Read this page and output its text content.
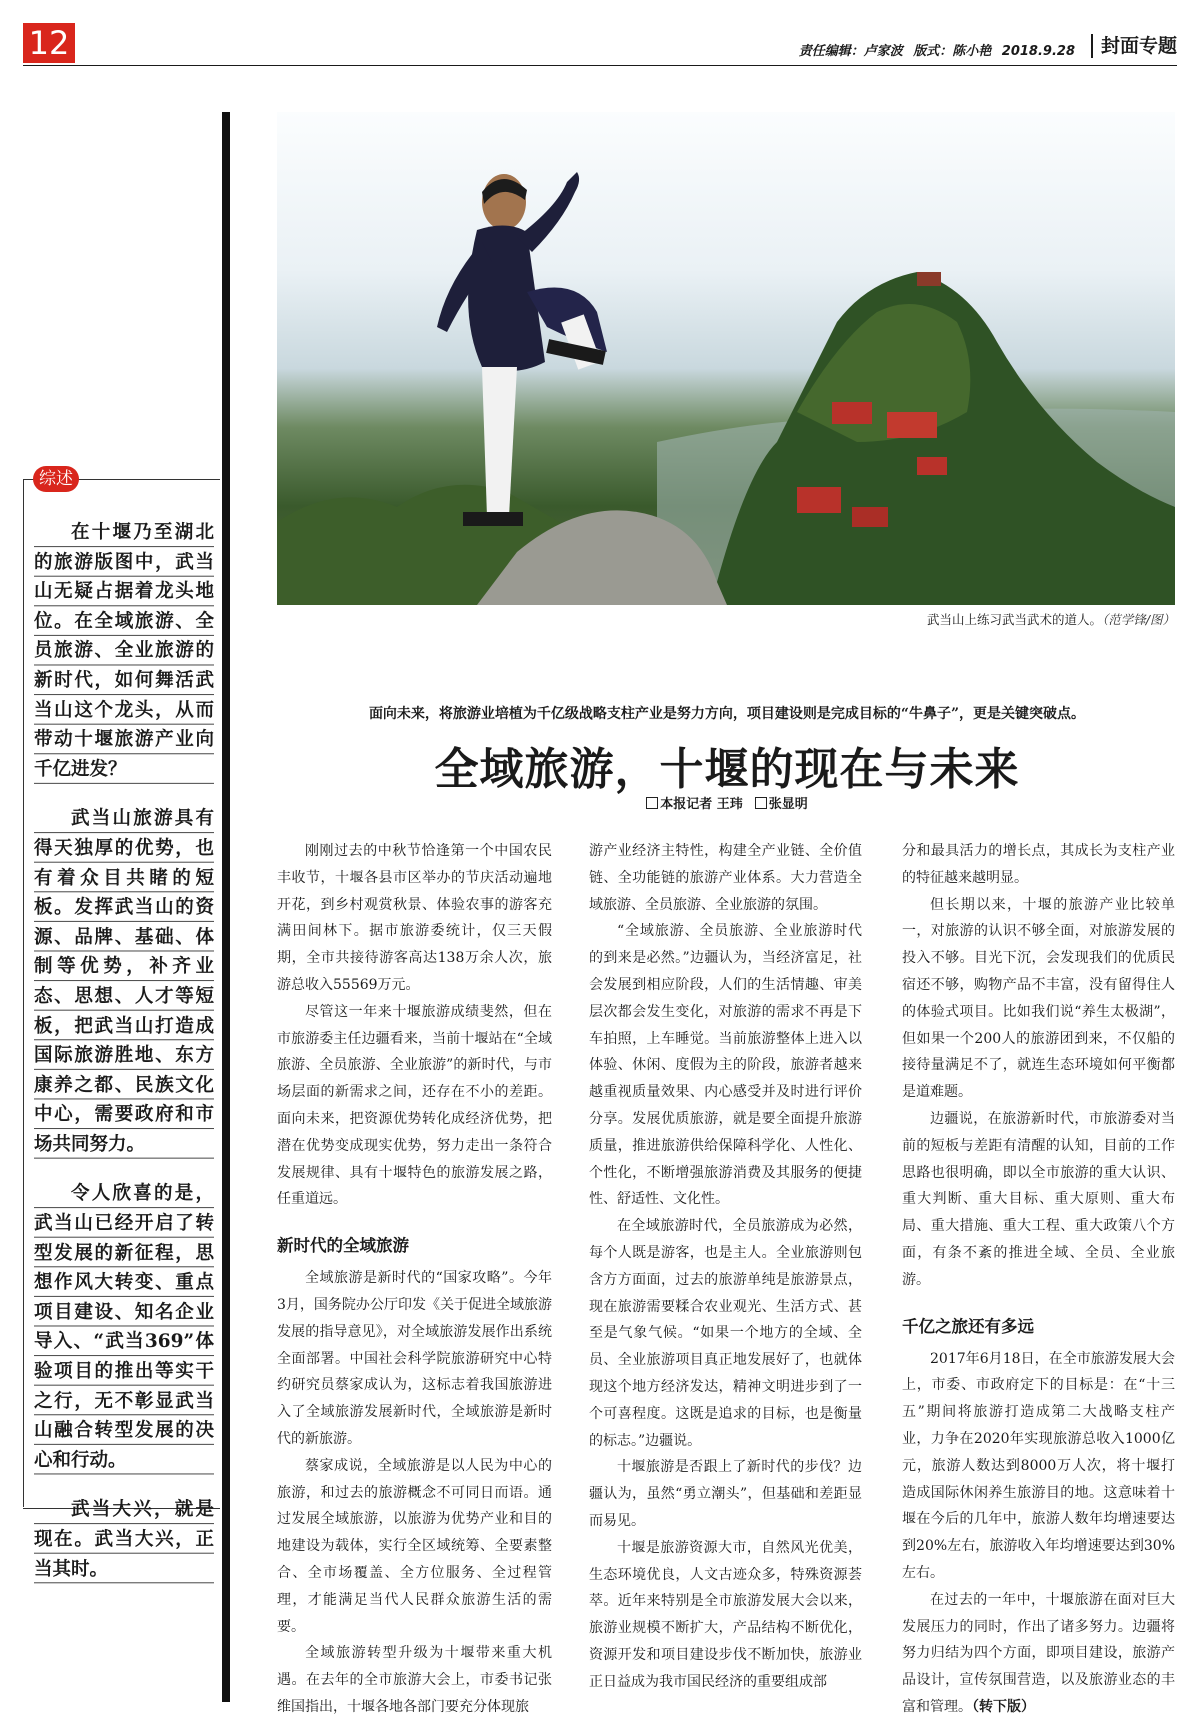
12	责任编辑：卢家波 版式：陈小艳 2018.9.28	封面专题
综述

在十堰乃至湖北的旅游版图中，武当山无疑占据着龙头地位。在全域旅游、全员旅游、全业旅游的新时代，如何舞活武当山这个龙头，从而带动十堰旅游产业向千亿进发？

武当山旅游具有得天独厚的优势，也有着众目共睹的短板。发挥武当山的资源、品牌、基础、体制等优势，补齐业态、思想、人才等短板，把武当山打造成国际旅游胜地、东方康养之都、民族文化中心，需要政府和市场共同努力。

令人欣喜的是，武当山已经开启了转型发展的新征程，思想作风大转变、重点项目建设、知名企业导入、“武当369”体验项目的推出等实干之行，无不彰显武当山融合转型发展的决心和行动。

武当大兴，就是现在。武当大兴，正当其时。

武当山上练习武当武术的道人。（范学锋/图）
面向未来，将旅游业培植为千亿级战略支柱产业是努力方向，项目建设则是完成目标的“牛鼻子”，更是关键突破点。
全域旅游，十堰的现在与未来
本报记者 王玮 张显明

刚刚过去的中秋节恰逢第一个中国农民丰收节，十堰各县市区举办的节庆活动遍地开花，到乡村观赏秋景、体验农事的游客充满田间林下。据市旅游委统计，仅三天假期，全市共接待游客高达138万余人次，旅游总收入55569万元。

尽管这一年来十堰旅游成绩斐然，但在市旅游委主任边疆看来，当前十堰站在“全域旅游、全员旅游、全业旅游”的新时代，与市场层面的新需求之间，还存在不小的差距。面向未来，把资源优势转化成经济优势，把潜在优势变成现实优势，努力走出一条符合发展规律、具有十堰特色的旅游发展之路，任重道远。

新时代的全域旅游

全域旅游是新时代的“国家攻略”。今年3月，国务院办公厅印发《关于促进全域旅游发展的指导意见》，对全域旅游发展作出系统全面部署。中国社会科学院旅游研究中心特约研究员蔡家成认为，这标志着我国旅游进入了全域旅游发展新时代，全域旅游是新时代的新旅游。

蔡家成说，全域旅游是以人民为中心的旅游，和过去的旅游概念不可同日而语。通过发展全域旅游，以旅游为优势产业和目的地建设为载体，实行全区域统筹、全要素整合、全市场覆盖、全方位服务、全过程管理，才能满足当代人民群众旅游生活的需要。

全域旅游转型升级为十堰带来重大机遇。在去年的全市旅游大会上，市委书记张维国指出，十堰各地各部门要充分体现旅

游产业经济主特性，构建全产业链、全价值链、全功能链的旅游产业体系。大力营造全域旅游、全员旅游、全业旅游的氛围。

“全域旅游、全员旅游、全业旅游时代的到来是必然。”边疆认为，当经济富足，社会发展到相应阶段，人们的生活情趣、审美层次都会发生变化，对旅游的需求不再是下车拍照，上车睡觉。当前旅游整体上进入以体验、休闲、度假为主的阶段，旅游者越来越重视质量效果、内心感受并及时进行评价分享。发展优质旅游，就是要全面提升旅游质量，推进旅游供给保障科学化、人性化、个性化，不断增强旅游消费及其服务的便捷性、舒适性、文化性。

在全域旅游时代，全员旅游成为必然，每个人既是游客，也是主人。全业旅游则包含方方面面，过去的旅游单纯是旅游景点，现在旅游需要糅合农业观光、生活方式、甚至是气象气候。“如果一个地方的全域、全员、全业旅游项目真正地发展好了，也就体现这个地方经济发达，精神文明进步到了一个可喜程度。这既是追求的目标，也是衡量的标志。”边疆说。

十堰旅游是否跟上了新时代的步伐？边疆认为，虽然“勇立潮头”，但基础和差距显而易见。

十堰是旅游资源大市，自然风光优美，生态环境优良，人文古迹众多，特殊资源荟萃。近年来特别是全市旅游发展大会以来，旅游业规模不断扩大，产品结构不断优化，资源开发和项目建设步伐不断加快，旅游业正日益成为我市国民经济的重要组成部

分和最具活力的增长点，其成长为支柱产业的特征越来越明显。

但长期以来，十堰的旅游产业比较单一，对旅游的认识不够全面，对旅游发展的投入不够。目光下沉，会发现我们的优质民宿还不够，购物产品不丰富，没有留得住人的体验式项目。比如我们说“养生太极湖”，但如果一个200人的旅游团到来，不仅船的接待量满足不了，就连生态环境如何平衡都是道难题。

边疆说，在旅游新时代，市旅游委对当前的短板与差距有清醒的认知，目前的工作思路也很明确，即以全市旅游的重大认识、重大判断、重大目标、重大原则、重大布局、重大措施、重大工程、重大政策八个方面，有条不紊的推进全域、全员、全业旅游。

千亿之旅还有多远

2017年6月18日，在全市旅游发展大会上，市委、市政府定下的目标是：在“十三五”期间将旅游打造成第二大战略支柱产业，力争在2020年实现旅游总收入1000亿元，旅游人数达到8000万人次，将十堰打造成国际休闲养生旅游目的地。这意味着十堰在今后的几年中，旅游人数年均增速要达到20%左右，旅游收入年均增速要达到30%左右。

在过去的一年中，十堰旅游在面对巨大发展压力的同时，作出了诸多努力。边疆将努力归结为四个方面，即项目建设，旅游产品设计，宣传氛围营造，以及旅游业态的丰富和管理。（转下版）
